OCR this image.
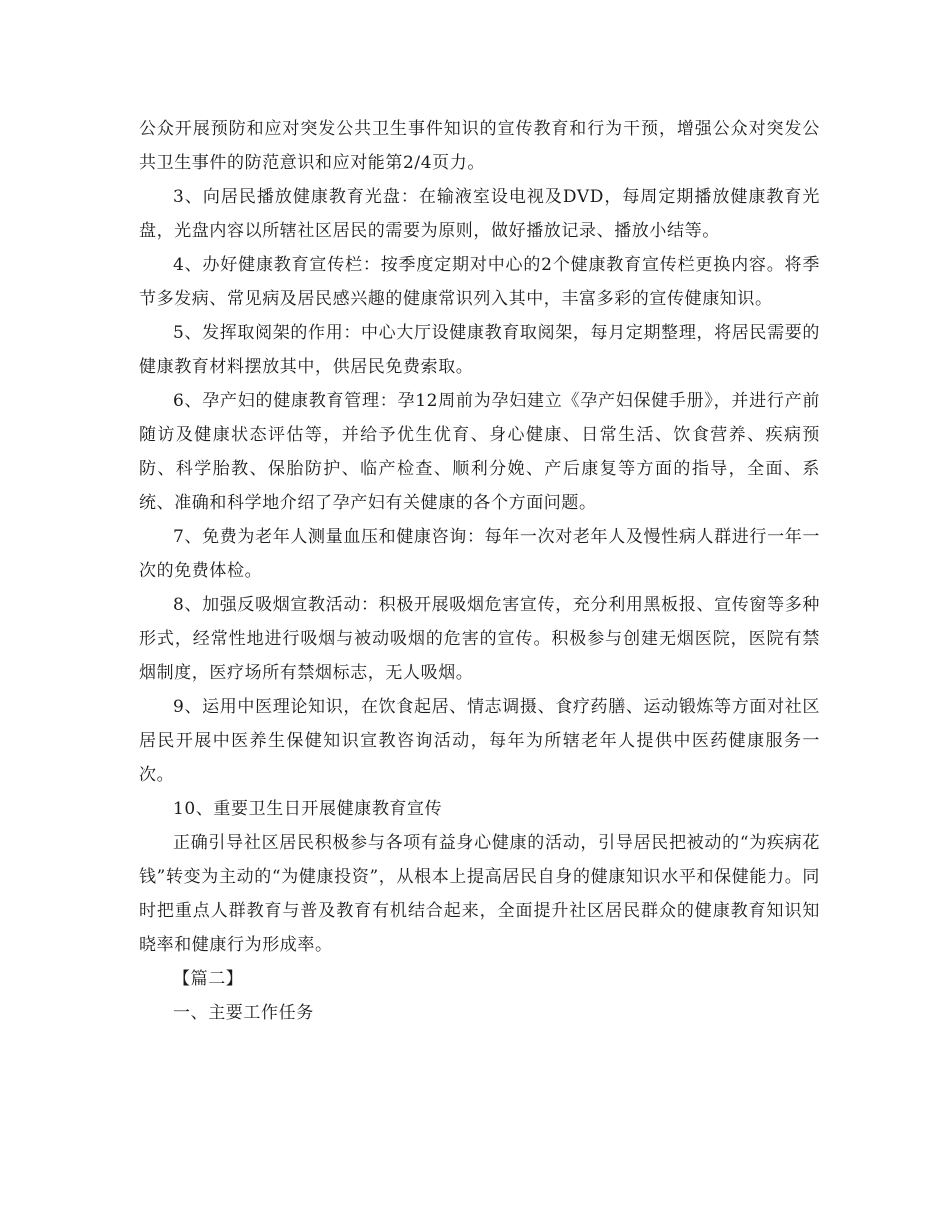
公众开展预防和应对突发公共卫生事件知识的宣传教育和行为干预，增强公众对突发公共卫生事件的防范意识和应对能第2/4页力。

3、向居民播放健康教育光盘：在输液室设电视及DVD，每周定期播放健康教育光盘，光盘内容以所辖社区居民的需要为原则，做好播放记录、播放小结等。

4、办好健康教育宣传栏：按季度定期对中心的2个健康教育宣传栏更换内容。将季节多发病、常见病及居民感兴趣的健康常识列入其中，丰富多彩的宣传健康知识。

5、发挥取阅架的作用：中心大厅设健康教育取阅架，每月定期整理，将居民需要的健康教育材料摆放其中，供居民免费索取。

6、孕产妇的健康教育管理：孕12周前为孕妇建立《孕产妇保健手册》，并进行产前随访及健康状态评估等，并给予优生优育、身心健康、日常生活、饮食营养、疾病预防、科学胎教、保胎防护、临产检查、顺利分娩、产后康复等方面的指导，全面、系统、准确和科学地介绍了孕产妇有关健康的各个方面问题。

7、免费为老年人测量血压和健康咨询：每年一次对老年人及慢性病人群进行一年一次的免费体检。

8、加强反吸烟宣教活动：积极开展吸烟危害宣传，充分利用黑板报、宣传窗等多种形式，经常性地进行吸烟与被动吸烟的危害的宣传。积极参与创建无烟医院，医院有禁烟制度，医疗场所有禁烟标志，无人吸烟。

9、运用中医理论知识，在饮食起居、情志调摄、食疗药膳、运动锻炼等方面对社区居民开展中医养生保健知识宣教咨询活动，每年为所辖老年人提供中医药健康服务一次。

10、重要卫生日开展健康教育宣传

正确引导社区居民积极参与各项有益身心健康的活动，引导居民把被动的“为疾病花钱”转变为主动的“为健康投资”，从根本上提高居民自身的健康知识水平和保健能力。同时把重点人群教育与普及教育有机结合起来，全面提升社区居民群众的健康教育知识知晓率和健康行为形成率。

【篇二】

一、主要工作任务
